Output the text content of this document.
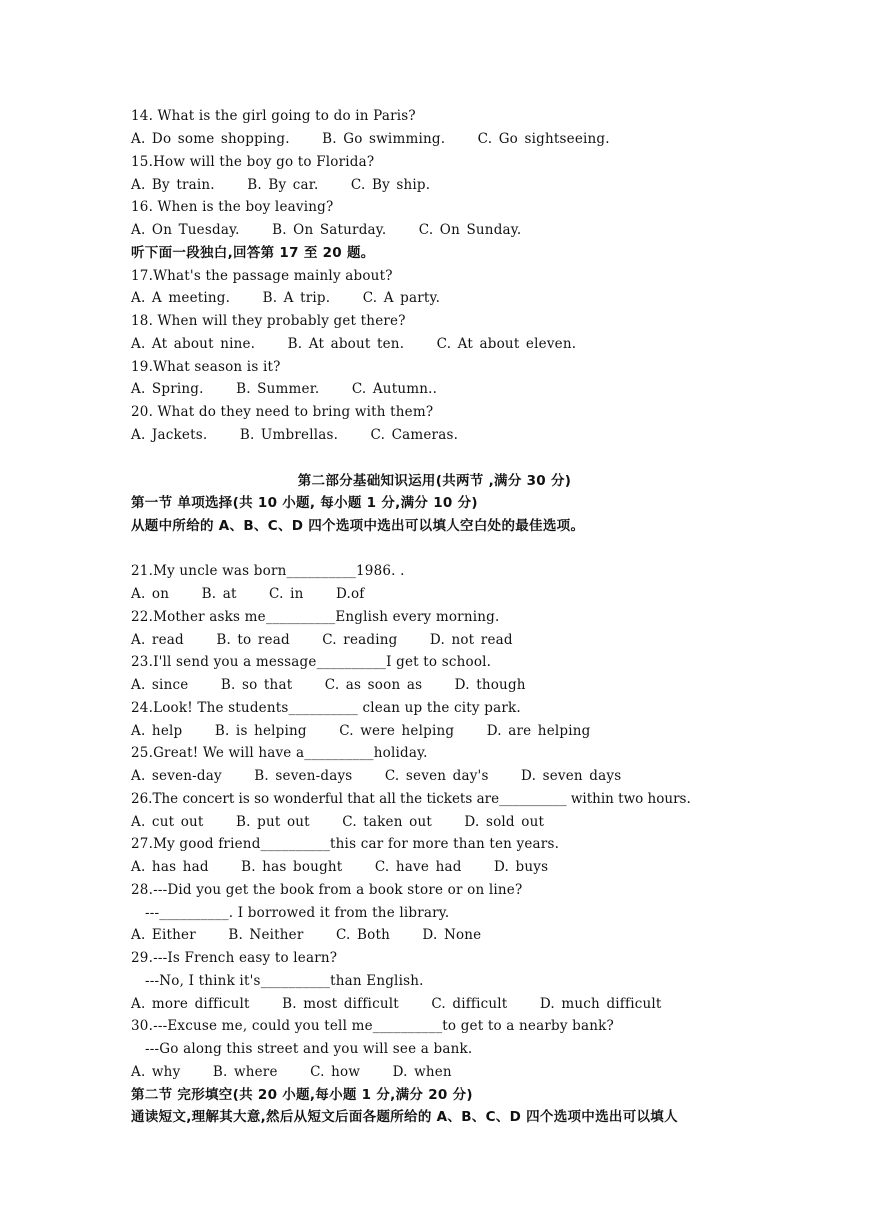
14. What is the girl going to do in Paris?
A. Do some shopping.     B. Go swimming.     C. Go sightseeing.
15.How will the boy go to Florida?
A. By train.     B. By car.     C. By ship.
16. When is the boy leaving?
A. On Tuesday.     B. On Saturday.     C. On Sunday.
听下面一段独白,回答第 17 至 20 题。
17.What's the passage mainly about?
A. A meeting.     B. A trip.     C. A party.
18. When will they probably get there?
A. At about nine.     B. At about ten.     C. At about eleven.
19.What season is it?
A. Spring.     B. Summer.     C. Autumn..
20. What do they need to bring with them?
A. Jackets.     B. Umbrellas.     C. Cameras.
第二部分基础知识运用(共两节 ,满分 30 分)
第一节 单项选择(共 10 小题, 每小题 1 分,满分 10 分)
从题中所给的 A、B、C、D 四个选项中选出可以填人空白处的最佳选项。
21.My uncle was born__________1986. .
A. on     B. at     C. in     D.of
22.Mother asks me__________English every morning.
A. read     B. to read     C. reading     D. not read
23.I'll send you a message__________I get to school.
A. since     B. so that     C. as soon as     D. though
24.Look! The students__________ clean up the city park.
A. help     B. is helping     C. were helping     D. are helping
25.Great! We will have a__________holiday.
A. seven-day     B. seven-days     C. seven day's     D. seven days
26.The concert is so wonderful that all the tickets are__________ within two hours.
A. cut out     B. put out     C. taken out     D. sold out
27.My good friend__________this car for more than ten years.
A. has had     B. has bought     C. have had     D. buys
28.---Did you get the book from a book store or on line?
---__________. I borrowed it from the library.
A. Either     B. Neither     C. Both     D. None
29.---Is French easy to learn?
---No, I think it's__________than English.
A. more difficult     B. most difficult     C. difficult     D. much difficult
30.---Excuse me, could you tell me__________to get to a nearby bank?
---Go along this street and you will see a bank.
A. why     B. where     C. how     D. when
第二节 完形填空(共 20 小题,每小题 1 分,满分 20 分)
通读短文,理解其大意,然后从短文后面各题所给的 A、B、C、D 四个选项中选出可以填人
